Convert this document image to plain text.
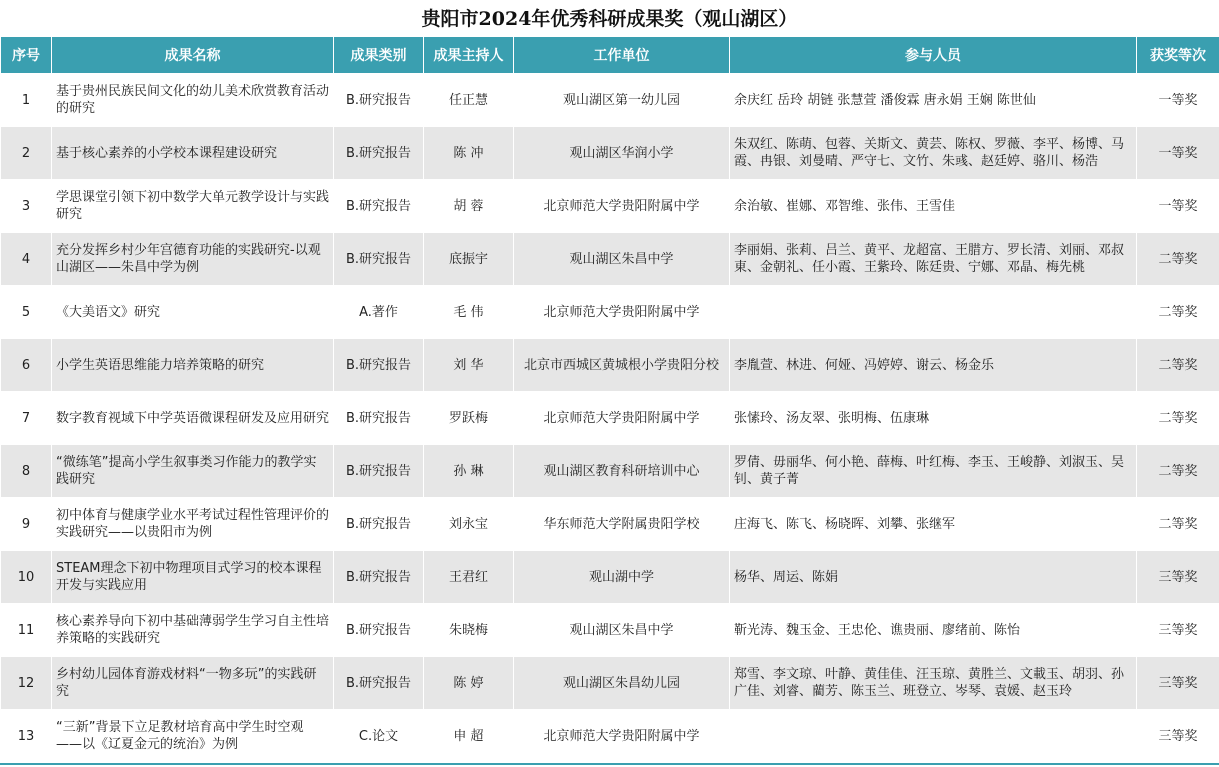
贵阳市2024年优秀科研成果奖（观山湖区）
序号	成果名称	成果类别	成果主持人	工作单位	参与人员	获奖等次
1	基于贵州民族民间文化的幼儿美术欣赏教育活动的研究	B.研究报告	任正慧	观山湖区第一幼儿园	余庆红 岳玲 胡链 张慧萱 潘俊霖 唐永娟 王娴 陈世仙	一等奖
2	基于核心素养的小学校本课程建设研究	B.研究报告	陈 冲	观山湖区华润小学	朱双红、陈萌、包蓉、关斯文、黄芸、陈权、罗薇、李平、杨博、马霞、冉银、刘曼晴、严守七、文竹、朱彧、赵廷婷、骆川、杨浩	一等奖
3	学思课堂引领下初中数学大单元教学设计与实践研究	B.研究报告	胡 蓉	北京师范大学贵阳附属中学	余治敏、崔娜、邓智维、张伟、王雪佳	一等奖
4	充分发挥乡村少年宫德育功能的实践研究-以观山湖区——朱昌中学为例	B.研究报告	底振宇	观山湖区朱昌中学	李丽娟、张莉、吕兰、黄平、龙超富、王腊方、罗长清、刘丽、邓叔東、金朝礼、任小霞、王紫玲、陈廷贵、宁娜、邓晶、梅先桃	二等奖
5	《大美语文》研究	A.著作	毛 伟	北京师范大学贵阳附属中学		二等奖
6	小学生英语思维能力培养策略的研究	B.研究报告	刘 华	北京市西城区黄城根小学贵阳分校	李胤萱、林进、何娅、冯婷婷、谢云、杨金乐	二等奖
7	数字教育视域下中学英语微课程研发及应用研究	B.研究报告	罗跃梅	北京师范大学贵阳附属中学	张愫玲、汤友翠、张明梅、伍康琳	二等奖
8	“微练笔”提高小学生叙事类习作能力的教学实践研究	B.研究报告	孙 琳	观山湖区教育科研培训中心	罗倩、毋丽华、何小艳、薛梅、叶红梅、李玉、王峻静、刘淑玉、吴钊、黄子菁	二等奖
9	初中体育与健康学业水平考试过程性管理评价的实践研究——以贵阳市为例	B.研究报告	刘永宝	华东师范大学附属贵阳学校	庄海飞、陈飞、杨晓晖、刘攀、张继军	二等奖
10	STEAM理念下初中物理项目式学习的校本课程开发与实践应用	B.研究报告	王君红	观山湖中学	杨华、周运、陈娟	三等奖
11	核心素养导向下初中基础薄弱学生学习自主性培养策略的实践研究	B.研究报告	朱晓梅	观山湖区朱昌中学	靳光涛、魏玉金、王忠伦、谯贵丽、廖绪前、陈怡	三等奖
12	乡村幼儿园体育游戏材料“一物多玩”的实践研究	B.研究报告	陈 婷	观山湖区朱昌幼儿园	郑雪、李文琼、叶静、黄佳佳、汪玉琼、黄胜兰、文載玉、胡羽、孙广佳、刘睿、藺芳、陈玉兰、班登立、岑琴、袁媛、赵玉玲	三等奖
13	“三新”背景下立足教材培育高中学生时空观——以《辽夏金元的统治》为例	C.论文	申 超	北京师范大学贵阳附属中学		三等奖
